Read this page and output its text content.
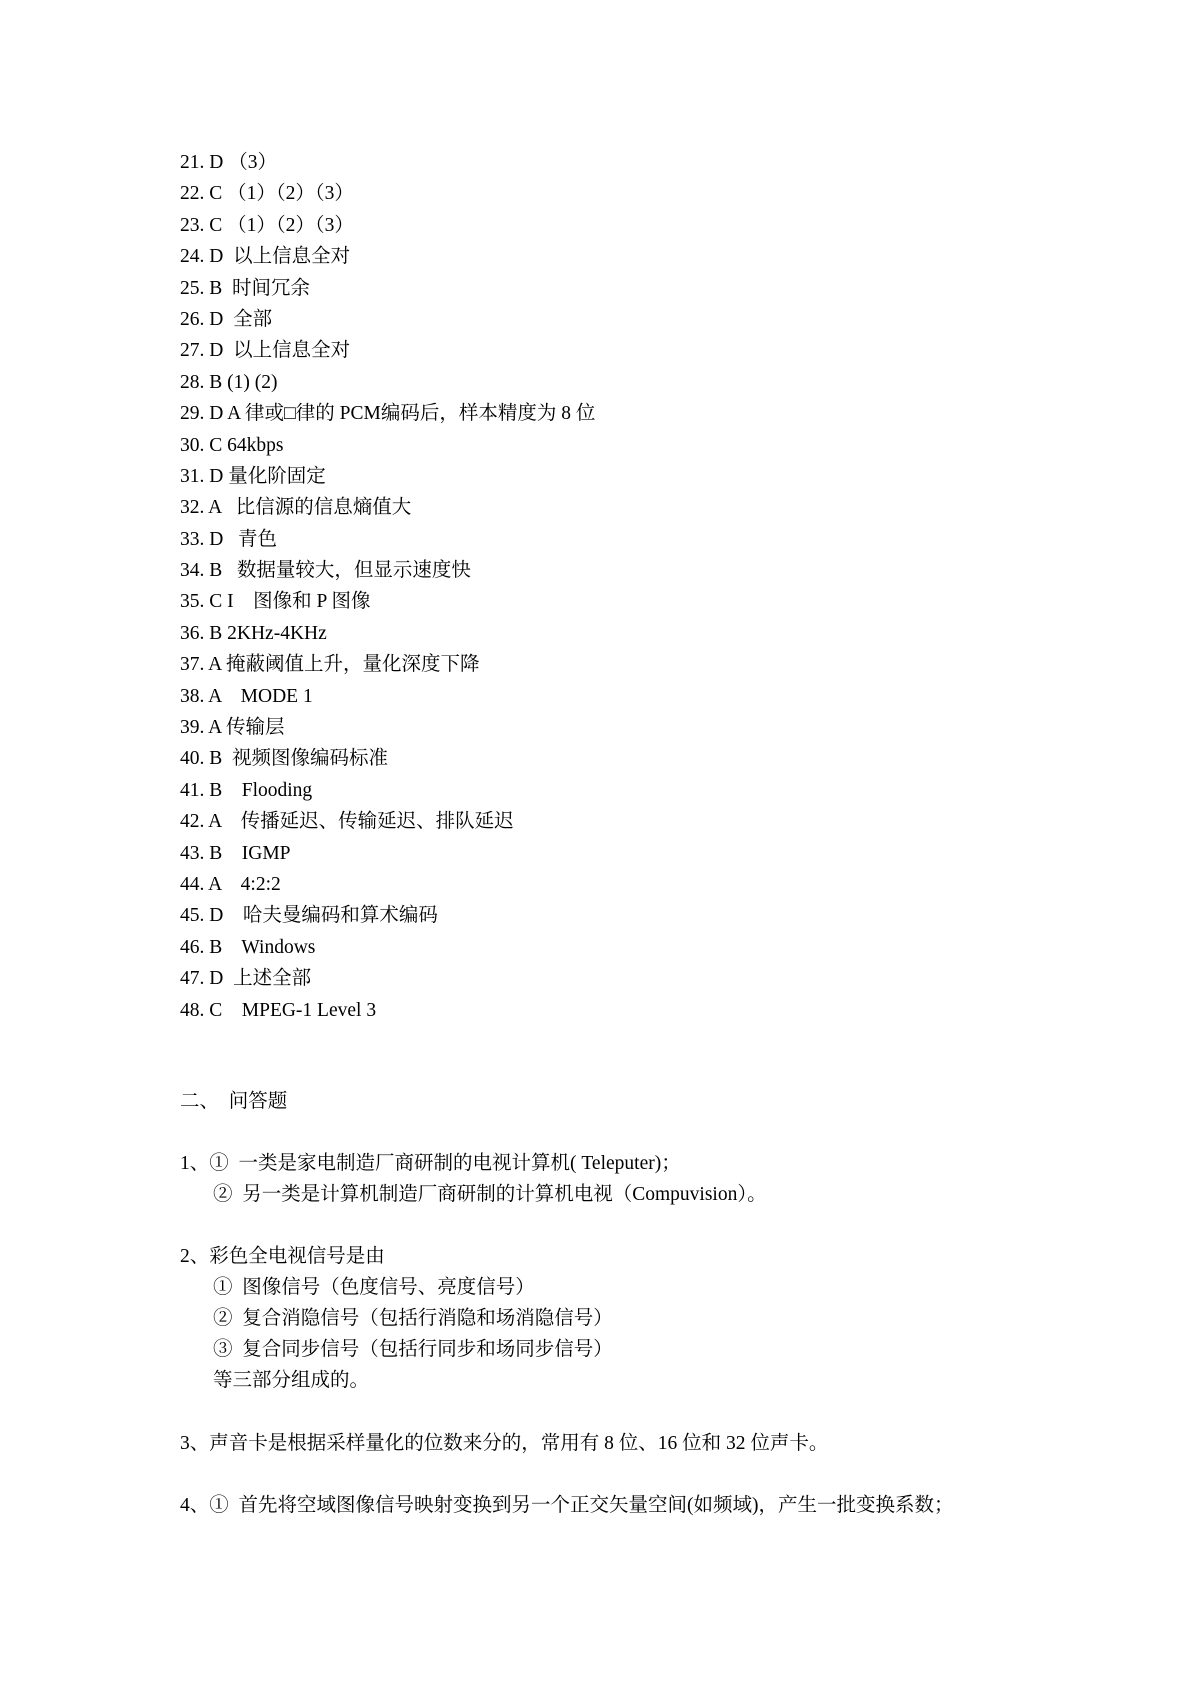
21. D （3）
22. C （1）（2）（3）
23. C （1）（2）（3）
24. D  以上信息全对
25. B  时间冗余
26. D  全部
27. D  以上信息全对
28. B (1) (2)
29. D A 律或□律的 PCM编码后，样本精度为 8 位
30. C 64kbps
31. D 量化阶固定
32. A   比信源的信息熵值大
33. D   青色
34. B   数据量较大，但显示速度快
35. C I    图像和 P 图像
36. B 2KHz-4KHz
37. A 掩蔽阈值上升，量化深度下降
38. A    MODE 1
39. A 传输层
40. B  视频图像编码标准
41. B    Flooding
42. A    传播延迟、传输延迟、排队延迟
43. B    IGMP
44. A    4:2:2
45. D    哈夫曼编码和算术编码
46. B    Windows
47. D  上述全部
48. C    MPEG-1 Level 3
二、  问答题
1、①  一类是家电制造厂商研制的电视计算机( Teleputer)；
②  另一类是计算机制造厂商研制的计算机电视（Compuvision）。
2、彩色全电视信号是由
①  图像信号（色度信号、亮度信号）
②  复合消隐信号（包括行消隐和场消隐信号）
③  复合同步信号（包括行同步和场同步信号）
等三部分组成的。
3、声音卡是根据采样量化的位数来分的，常用有 8 位、16 位和 32 位声卡。
4、①  首先将空域图像信号映射变换到另一个正交矢量空间(如频域)，产生一批变换系数；
